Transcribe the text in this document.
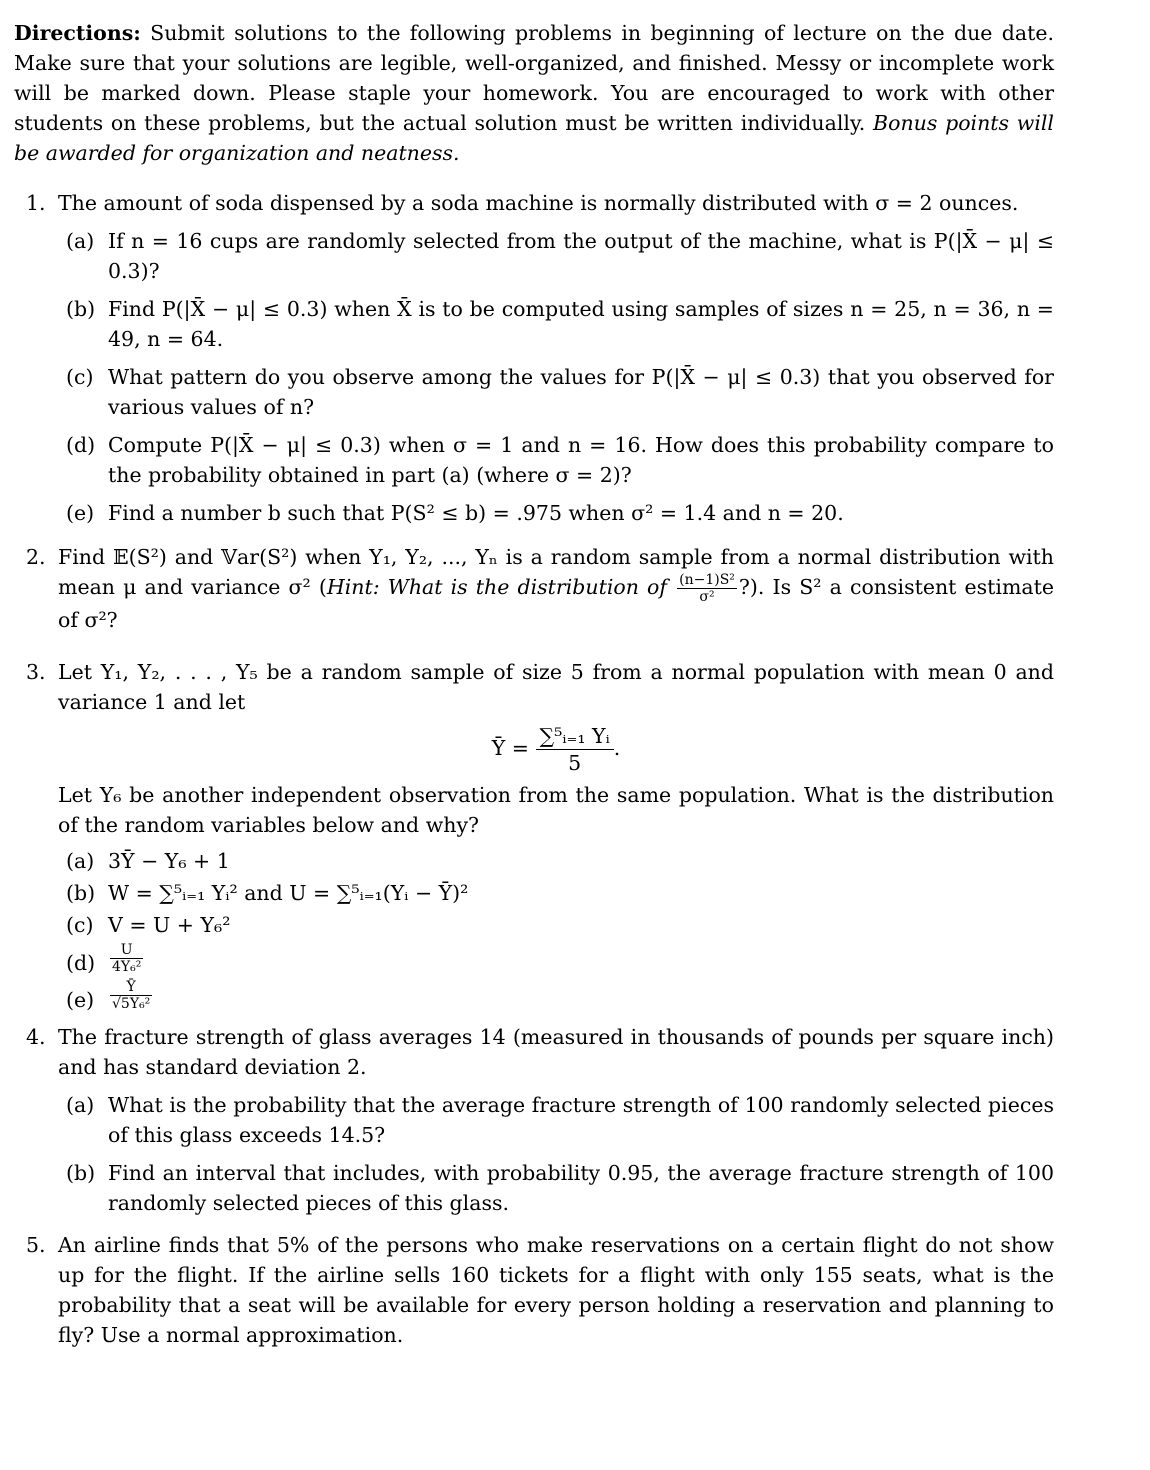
Directions: Submit solutions to the following problems in beginning of lecture on the due date. Make sure that your solutions are legible, well-organized, and finished. Messy or incomplete work will be marked down. Please staple your homework. You are encouraged to work with other students on these problems, but the actual solution must be written individually. Bonus points will be awarded for organization and neatness.

1. The amount of soda dispensed by a soda machine is normally distributed with σ = 2 ounces.
(a) If n = 16 cups are randomly selected from the output of the machine, what is P(|X̄ − μ| ≤ 0.3)?
(b) Find P(|X̄ − μ| ≤ 0.3) when X̄ is to be computed using samples of sizes n = 25, n = 36, n = 49, n = 64.
(c) What pattern do you observe among the values for P(|X̄ − μ| ≤ 0.3) that you observed for various values of n?
(d) Compute P(|X̄ − μ| ≤ 0.3) when σ = 1 and n = 16. How does this probability compare to the probability obtained in part (a) (where σ = 2)?
(e) Find a number b such that P(S² ≤ b) = .975 when σ² = 1.4 and n = 20.
2. Find 𝔼(S²) and 𝕍ar(S²) when Y₁, Y₂, ..., Yₙ is a random sample from a normal distribution with mean μ and variance σ² (Hint: What is the distribution of $\frac{\text{(n−1)S²}}{\text{σ²}}$ ?). Is S² a consistent estimate of σ²?
3. Let Y₁, Y₂, . . . , Y₅ be a random sample of size 5 from a normal population with mean 0 and variance 1 and let
Ȳ = $\frac{\text{∑⁵ᵢ₌₁ Yᵢ}}{5}$ .
Let Y₆ be another independent observation from the same population. What is the distribution of the random variables below and why?
(a) 3Ȳ − Y₆ + 1
(b) W = ∑⁵ᵢ₌₁ Yᵢ² and U = ∑⁵ᵢ₌₁(Yᵢ − Ȳ)²
(c) V = U + Y₆²
$(d) \frac{U}{\text{4Y₆²}}$
$(e) \frac{Ȳ}{\text{√5Y₆²}}$
4. The fracture strength of glass averages 14 (measured in thousands of pounds per square inch) and has standard deviation 2.
(a) What is the probability that the average fracture strength of 100 randomly selected pieces of this glass exceeds 14.5?
(b) Find an interval that includes, with probability 0.95, the average fracture strength of 100 randomly selected pieces of this glass.
5. An airline finds that 5% of the persons who make reservations on a certain flight do not show up for the flight. If the airline sells 160 tickets for a flight with only 155 seats, what is the probability that a seat will be available for every person holding a reservation and planning to fly? Use a normal approximation.
